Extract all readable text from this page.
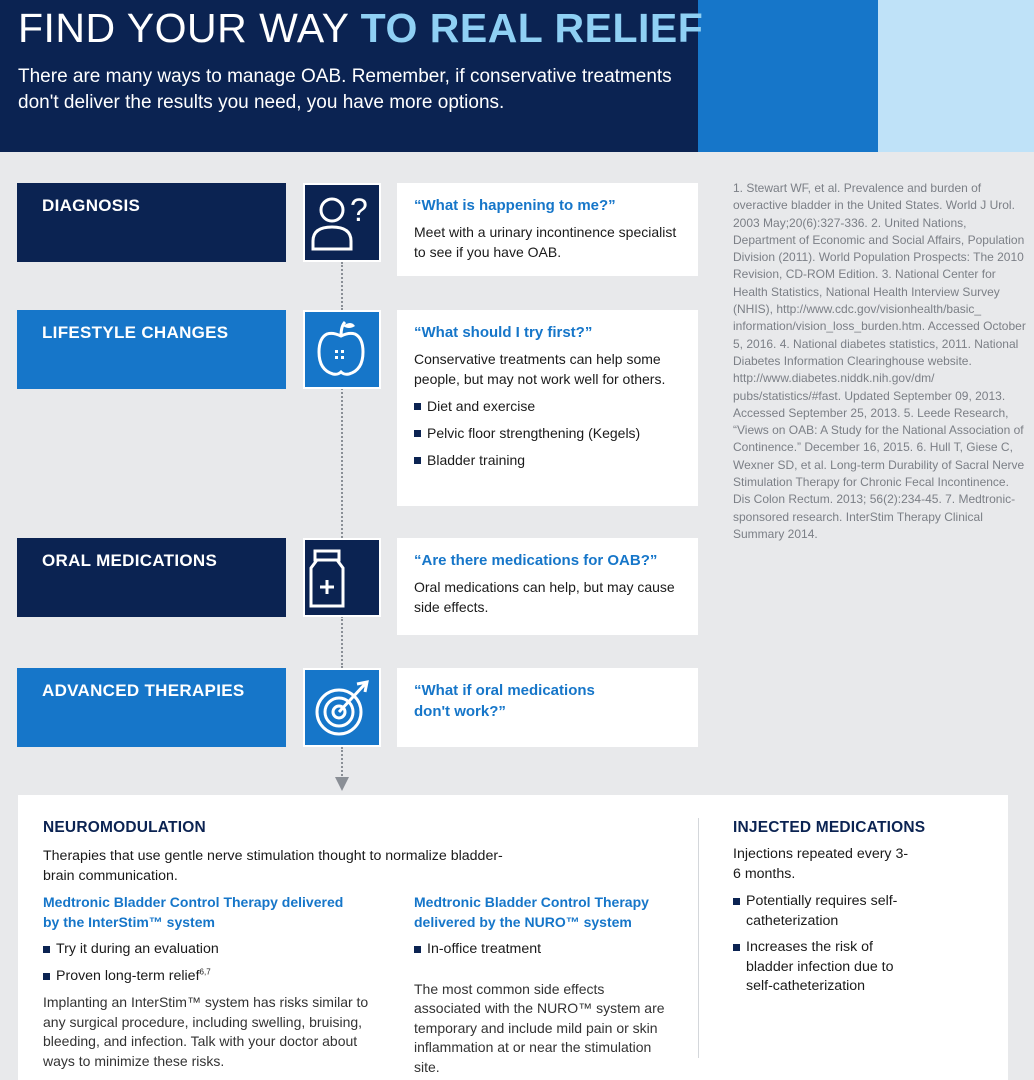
FIND YOUR WAY TO REAL RELIEF

There are many ways to manage OAB. Remember, if conservative treatments don't deliver the results you need, you have more options.

DIAGNOSIS	?	“What is happening to me?”

Meet with a urinary incontinence specialist to see if you have OAB.

LIFESTYLE CHANGES	“What should I try first?”

Conservative treatments can help some people, but may not work well for others.

Diet and exercise
Pelvic floor strengthening (Kegels)
Bladder training
ORAL MEDICATIONS	“Are there medications for OAB?”

Oral medications can help, but may cause side effects.

ADVANCED THERAPIES	“What if oral medications don't work?”

1. Stewart WF, et al. Prevalence and burden of overactive bladder in the United States. World J Urol. 2003 May;20(6):327-336. 2. United Nations, Department of Economic and Social Affairs, Population Division (2011). World Population Prospects: The 2010 Revision, CD-ROM Edition. 3. National Center for Health Statistics, National Health Interview Survey (NHIS), http://www.cdc.gov/visionhealth/basic_ information/vision_loss_burden.htm. Accessed October 5, 2016. 4. National diabetes statistics, 2011. National Diabetes Information Clearinghouse website. http://www.diabetes.niddk.nih.gov/dm/ pubs/statistics/#fast. Updated September 09, 2013. Accessed September 25, 2013. 5. Leede Research, “Views on OAB: A Study for the National Association of Continence.” December 16, 2015. 6. Hull T, Giese C, Wexner SD, et al. Long-term Durability of Sacral Nerve Stimulation Therapy for Chronic Fecal Incontinence. Dis Colon Rectum. 2013; 56(2):234-45. 7. Medtronic-sponsored research. InterStim Therapy Clinical Summary 2014.

NEUROMODULATION

Therapies that use gentle nerve stimulation thought to normalize bladder-brain communication.

Medtronic Bladder Control Therapy delivered
by the InterStim™ system

Try it during an evaluation
Proven long-term relief$^{6,7}$

Implanting an InterStim™ system has risks similar to any surgical procedure, including swelling, bruising, bleeding, and infection. Talk with your doctor about ways to minimize these risks.

Medtronic Bladder Control Therapy
delivered by the NURO™ system

In-office treatment

The most common side effects associated with the NURO™ system are temporary and include mild pain or skin inflammation at or near the stimulation site.

INJECTED MEDICATIONS

Injections repeated every 3-6 months.

Potentially requires self-catheterization
Increases the risk of bladder infection due to self-catheterization
